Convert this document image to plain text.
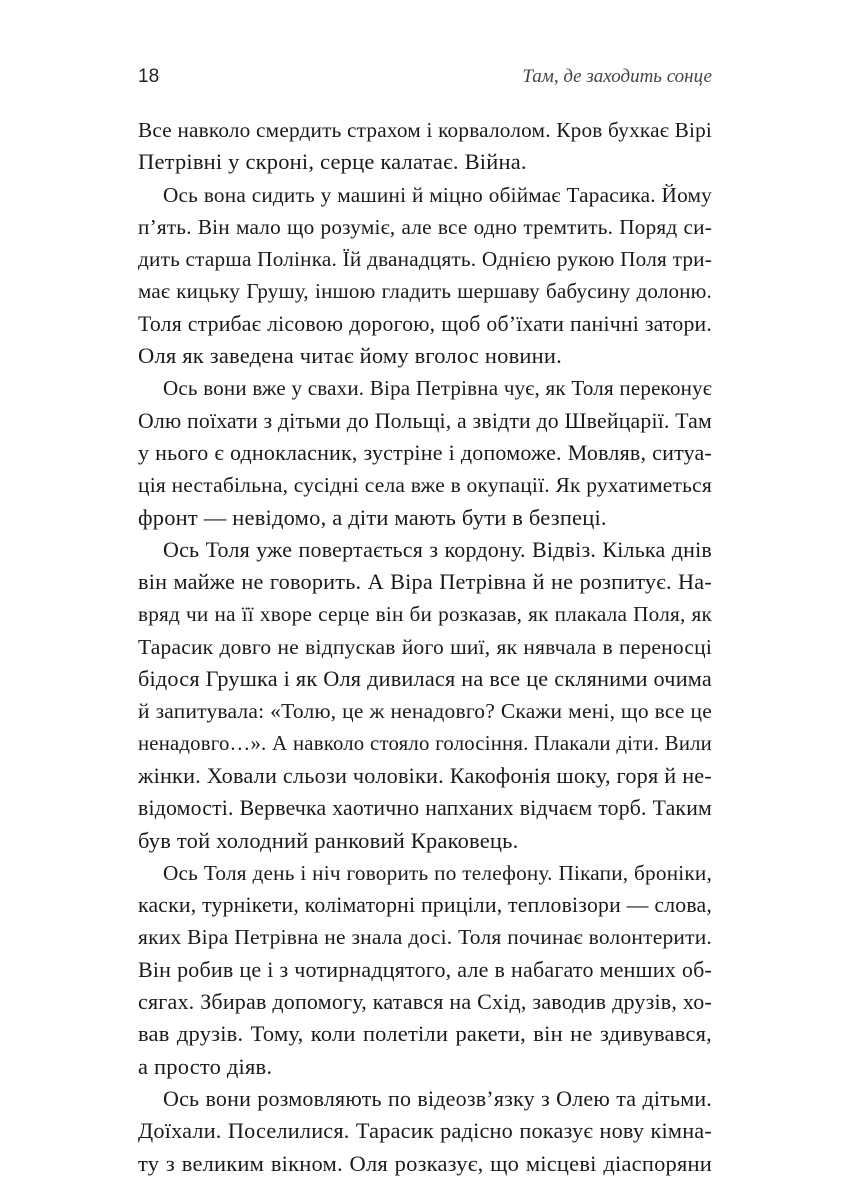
18	Там, де заходить сонце
Все навколо смердить страхом і корвалолом. Кров бухкає Вірі
Петрівні у скроні, серце калатає. Війна.
Ось вона сидить у машині й міцно обіймає Тарасика. Йому
п’ять. Він мало що розуміє, але все одно тремтить. Поряд си-
дить старша Полінка. Їй дванадцять. Однією рукою Поля три-
має кицьку Грушу, іншою гладить шершаву бабусину долоню.
Толя стрибає лісовою дорогою, щоб об’їхати панічні затори.
Оля як заведена читає йому вголос новини.
Ось вони вже у свахи. Віра Петрівна чує, як Толя переконує
Олю поїхати з дітьми до Польщі, а звідти до Швейцарії. Там
у нього є однокласник, зустріне і допоможе. Мовляв, ситуа-
ція нестабільна, сусідні села вже в окупації. Як рухатиметься
фронт — невідомо, а діти мають бути в безпеці.
Ось Толя уже повертається з кордону. Відвіз. Кілька днів
він майже не говорить. А Віра Петрівна й не розпитує. На-
вряд чи на її хворе серце він би розказав, як плакала Поля, як
Тарасик довго не відпускав його шиї, як нявчала в переносці
бідося Грушка і як Оля дивилася на все це скляними очима
й запитувала: «Толю, це ж ненадовго? Скажи мені, що все це
ненадовго…». А навколо стояло голосіння. Плакали діти. Вили
жінки. Ховали сльози чоловіки. Какофонія шоку, горя й не-
відомості. Вервечка хаотично напханих відчаєм торб. Таким
був той холодний ранковий Краковець.
Ось Толя день і ніч говорить по телефону. Пікапи, броніки,
каски, турнікети, коліматорні приціли, тепловізори — слова,
яких Віра Петрівна не знала досі. Толя починає волонтерити.
Він робив це і з чотирнадцятого, але в набагато менших об-
сягах. Збирав допомогу, катався на Схід, заводив друзів, хо-
вав друзів. Тому, коли полетіли ракети, він не здивувався,
а просто діяв.
Ось вони розмовляють по відеозв’язку з Олею та дітьми.
Доїхали. Поселилися. Тарасик радісно показує нову кімна-
ту з великим вікном. Оля розказує, що місцеві діаспоряни
